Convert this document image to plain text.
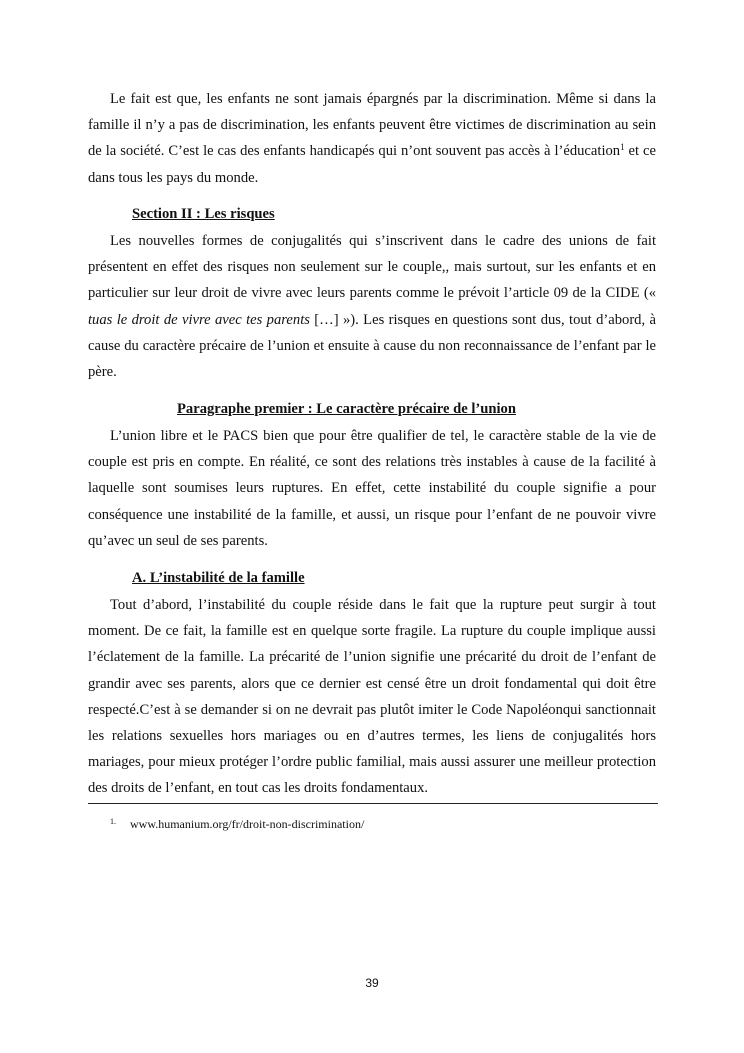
Le fait est que, les enfants ne sont jamais épargnés par la discrimination. Même si dans la famille il n’y a pas de discrimination, les enfants peuvent être victimes de discrimination au sein de la société. C’est le cas des enfants handicapés qui n’ont souvent pas accès à l’éducation$^1$ et ce dans tous les pays du monde.

Section II : Les risques

Les nouvelles formes de conjugalités qui s’inscrivent dans le cadre des unions de fait présentent en effet des risques non seulement sur le couple,, mais surtout, sur les enfants et en particulier sur leur droit de vivre avec leurs parents comme le prévoit l’article 09 de la CIDE (« tuas le droit de vivre avec tes parents […] »). Les risques en questions sont dus, tout d’abord, à cause du caractère précaire de l’union et ensuite à cause du non reconnaissance de l’enfant par le père.

Paragraphe premier : Le caractère précaire de l’union

L’union libre et le PACS bien que pour être qualifier de tel, le caractère stable de la vie de couple est pris en compte. En réalité, ce sont des relations très instables à cause de la facilité à laquelle sont soumises leurs ruptures. En effet, cette instabilité du couple signifie a pour conséquence une instabilité de la famille, et aussi, un risque pour l’enfant de ne pouvoir vivre qu’avec un seul de ses parents.

A. L’instabilité de la famille

Tout d’abord, l’instabilité du couple réside dans le fait que la rupture peut surgir à tout moment. De ce fait, la famille est en quelque sorte fragile. La rupture du couple implique aussi l’éclatement de la famille. La précarité de l’union signifie une précarité du droit de l’enfant de grandir avec ses parents, alors que ce dernier est censé être un droit fondamental qui doit être respecté.C’est à se demander si on ne devrait pas plutôt imiter le Code Napoléonqui sanctionnait les relations sexuelles hors mariages ou en d’autres termes, les liens de conjugalités hors mariages, pour mieux protéger l’ordre public familial, mais aussi assurer une meilleur protection des droits de l’enfant, en tout cas les droits fondamentaux.

$^{1.}$ www.humanium.org/fr/droit-non-discrimination/
39
